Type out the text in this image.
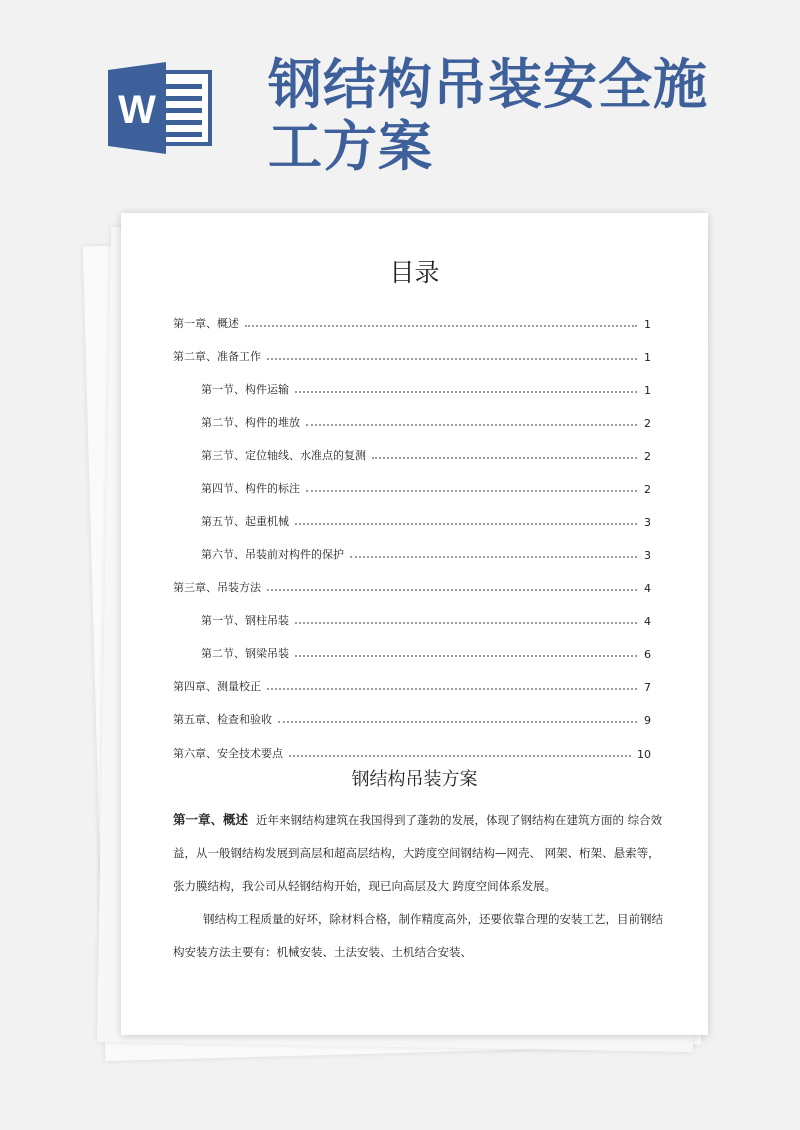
W 钢结构吊装安全施工方案
目录
第一章、概述	1
第二章、准备工作	1
第一节、构件运输	1
第二节、构件的堆放	2
第三节、定位轴线、水准点的复测	2
第四节、构件的标注	2
第五节、起重机械	3
第六节、吊装前对构件的保护	3
第三章、吊装方法	4
第一节、钢柱吊装	4
第二节、钢梁吊装	6
第四章、测量校正	7
第五章、检查和验收	9
第六章、安全技术要点	10
钢结构吊装方案
第一章、概述 近年来钢结构建筑在我国得到了蓬勃的发展，体现了钢结构在建筑方面的 综合效益，从一般钢结构发展到高层和超高层结构，大跨度空间钢结构—网壳、 网架、桁架、悬索等，张力膜结构，我公司从轻钢结构开始，现已向高层及大 跨度空间体系发展。
钢结构工程质量的好坏，除材料合格，制作精度高外，还要依靠合理的安装工艺，目前钢结构安装方法主要有：机械安装、土法安装、土机结合安装、
